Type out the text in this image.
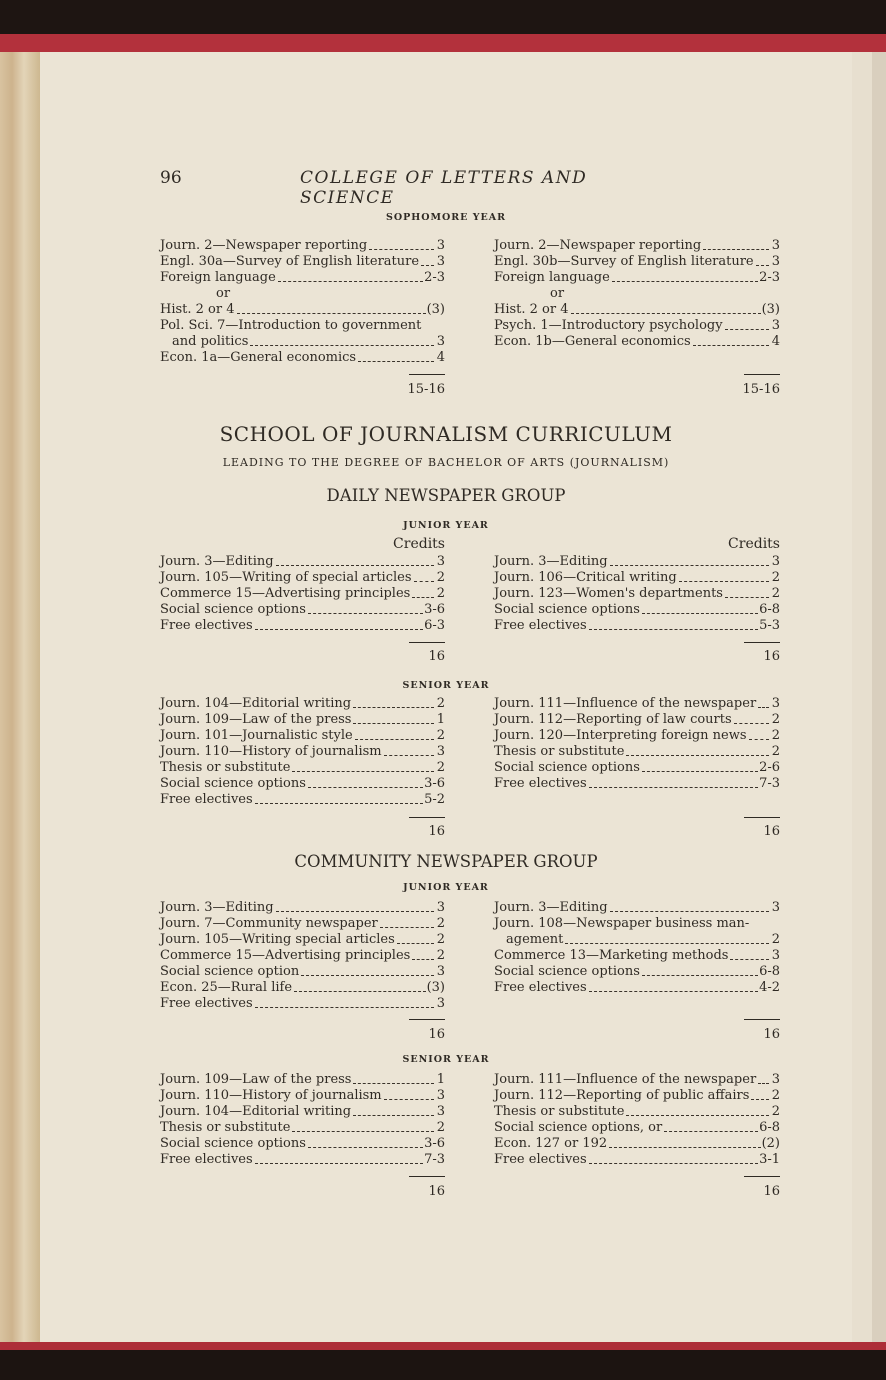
96	COLLEGE OF LETTERS AND SCIENCE
SOPHOMORE YEAR
Journ. 2—Newspaper reporting	3
Engl. 30a—Survey of English literature 3
Foreign language	2-3
or
Hist. 2 or 4	(3)
Pol. Sci. 7—Introduction to government
and politics	3
Econ. 1a—General economics	4
Journ. 2—Newspaper reporting	3
Engl. 30b—Survey of English literature 3
Foreign language	2-3
or
Hist. 2 or 4	(3)
Psych. 1—Introductory psychology	3
Econ. 1b—General economics	4
15-16	15-16
SCHOOL OF JOURNALISM CURRICULUM
LEADING TO THE DEGREE OF BACHELOR OF ARTS (JOURNALISM)
DAILY NEWSPAPER GROUP
JUNIOR YEAR
Credits	Credits
Journ. 3—Editing	3
Journ. 105—Writing of special articles 2
Commerce 15—Advertising principles 2
Social science options	3-6
Free electives	6-3
Journ. 3—Editing	3
Journ. 106—Critical writing	2
Journ. 123—Women's departments	2
Social science options	6-8
Free electives	5-3
16	16
SENIOR YEAR
Journ. 104—Editorial writing	2
Journ. 109—Law of the press	1
Journ. 101—Journalistic style	2
Journ. 110—History of journalism	3
Thesis or substitute	2
Social science options	3-6
Free electives	5-2
Journ. 111—Influence of the newspaper 3
Journ. 112—Reporting of law courts	2
Journ. 120—Interpreting foreign news 2
Thesis or substitute	2
Social science options	2-6
Free electives	7-3
16	16
COMMUNITY NEWSPAPER GROUP
JUNIOR YEAR
Journ. 3—Editing	3
Journ. 7—Community newspaper	2
Journ. 105—Writing special articles	2
Commerce 15—Advertising principles 2
Social science option	3
Econ. 25—Rural life	(3)
Free electives	3
Journ. 3—Editing	3
Journ. 108—Newspaper business man-
agement	2
Commerce 13—Marketing methods	3
Social science options	6-8
Free electives	4-2
16	16
SENIOR YEAR
Journ. 109—Law of the press	1
Journ. 110—History of journalism	3
Journ. 104—Editorial writing	3
Thesis or substitute	2
Social science options	3-6
Free electives	7-3
Journ. 111—Influence of the newspaper 3
Journ. 112—Reporting of public affairs 2
Thesis or substitute	2
Social science options, or	6-8
Econ. 127 or 192	(2)
Free electives	3-1
16	16
